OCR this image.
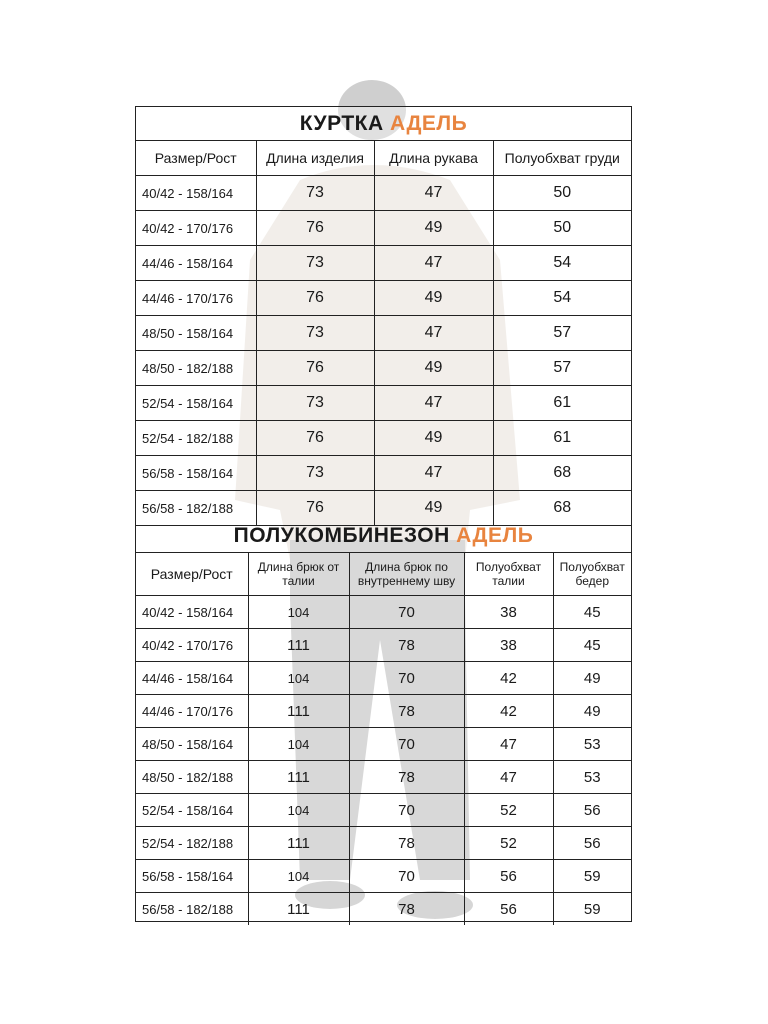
КУРТКА АДЕЛЬ
Размер/Рост	Длина изделия	Длина рукава	Полуобхват груди
40/42 - 158/164	73	47	50
40/42 - 170/176	76	49	50
44/46 - 158/164	73	47	54
44/46 - 170/176	76	49	54
48/50 - 158/164	73	47	57
48/50 - 182/188	76	49	57
52/54 - 158/164	73	47	61
52/54 - 182/188	76	49	61
56/58 - 158/164	73	47	68
56/58 - 182/188	76	49	68
ПОЛУКОМБИНЕЗОН АДЕЛЬ
Размер/Рост	Длина брюк от талии	Длина брюк по внутреннему шву	Полуобхват талии	Полуобхват бедер
40/42 - 158/164	104	70	38	45
40/42 - 170/176	111	78	38	45
44/46 - 158/164	104	70	42	49
44/46 - 170/176	111	78	42	49
48/50 - 158/164	104	70	47	53
48/50 - 182/188	111	78	47	53
52/54 - 158/164	104	70	52	56
52/54 - 182/188	111	78	52	56
56/58 - 158/164	104	70	56	59
56/58 - 182/188	111	78	56	59
